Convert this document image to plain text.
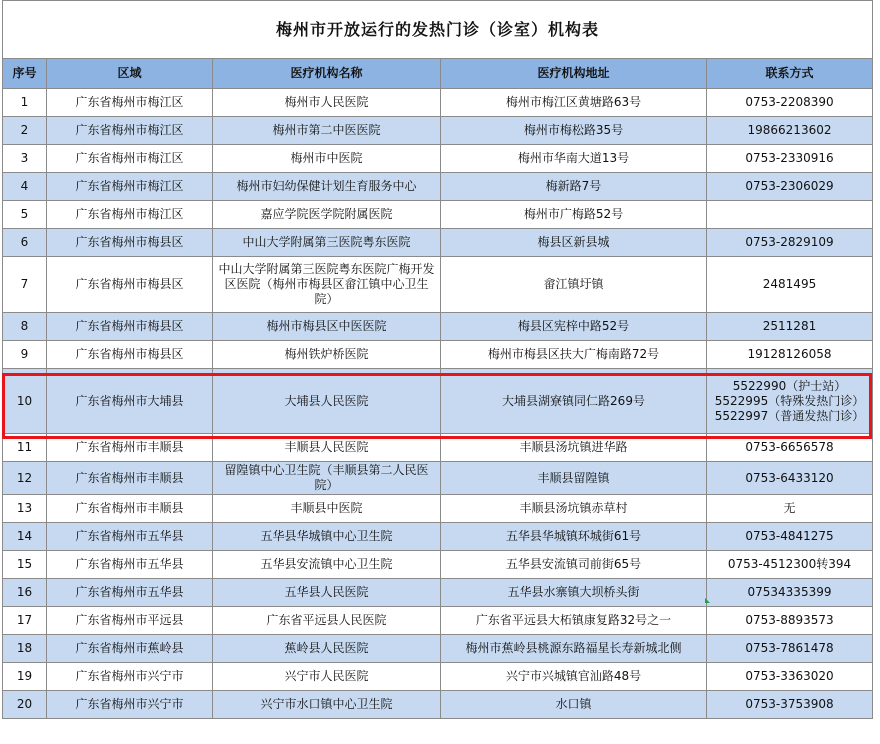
梅州市开放运行的发热门诊（诊室）机构表				
序号	区域	医疗机构名称	医疗机构地址	联系方式
1	广东省梅州市梅江区	梅州市人民医院	梅州市梅江区黄塘路63号	0753-2208390

2	广东省梅州市梅江区	梅州市第二中医医院	梅州市梅松路35号	19866213602

3	广东省梅州市梅江区	梅州市中医院	梅州市华南大道13号	0753-2330916

4	广东省梅州市梅江区	梅州市妇幼保健计划生育服务中心	梅新路7号	0753-2306029

5	广东省梅州市梅江区	嘉应学院医学院附属医院	梅州市广梅路52号	

6	广东省梅州市梅县区	中山大学附属第三医院粤东医院	梅县区新县城	0753-2829109

7	广东省梅州市梅县区	中山大学附属第三医院粤东医院广梅开发区医院（梅州市梅县区畲江镇中心卫生院）	畲江镇圩镇	2481495

8	广东省梅州市梅县区	梅州市梅县区中医医院	梅县区宪梓中路52号	2511281

9	广东省梅州市梅县区	梅州铁炉桥医院	梅州市梅县区扶大广梅南路72号	19128126058

10	广东省梅州市大埔县	大埔县人民医院	大埔县湖寮镇同仁路269号	5522990（护士站）
5522995（特殊发热门诊）
5522997（普通发热门诊）

11	广东省梅州市丰顺县	丰顺县人民医院	丰顺县汤坑镇进华路	0753-6656578

12	广东省梅州市丰顺县	留隍镇中心卫生院（丰顺县第二人民医院）	丰顺县留隍镇	0753-6433120

13	广东省梅州市丰顺县	丰顺县中医院	丰顺县汤坑镇赤草村	无

14	广东省梅州市五华县	五华县华城镇中心卫生院	五华县华城镇环城街61号	0753-4841275

15	广东省梅州市五华县	五华县安流镇中心卫生院	五华县安流镇司前街65号	0753-4512300转394

16	广东省梅州市五华县	五华县人民医院	五华县水寨镇大坝桥头街	07534335399

17	广东省梅州市平远县	广东省平远县人民医院	广东省平远县大柘镇康复路32号之一	0753-8893573

18	广东省梅州市蕉岭县	蕉岭县人民医院	梅州市蕉岭县桃源东路福星长寿新城北侧	0753-7861478

19	广东省梅州市兴宁市	兴宁市人民医院	兴宁市兴城镇官汕路48号	0753-3363020

20	广东省梅州市兴宁市	兴宁市水口镇中心卫生院	水口镇	0753-3753908
